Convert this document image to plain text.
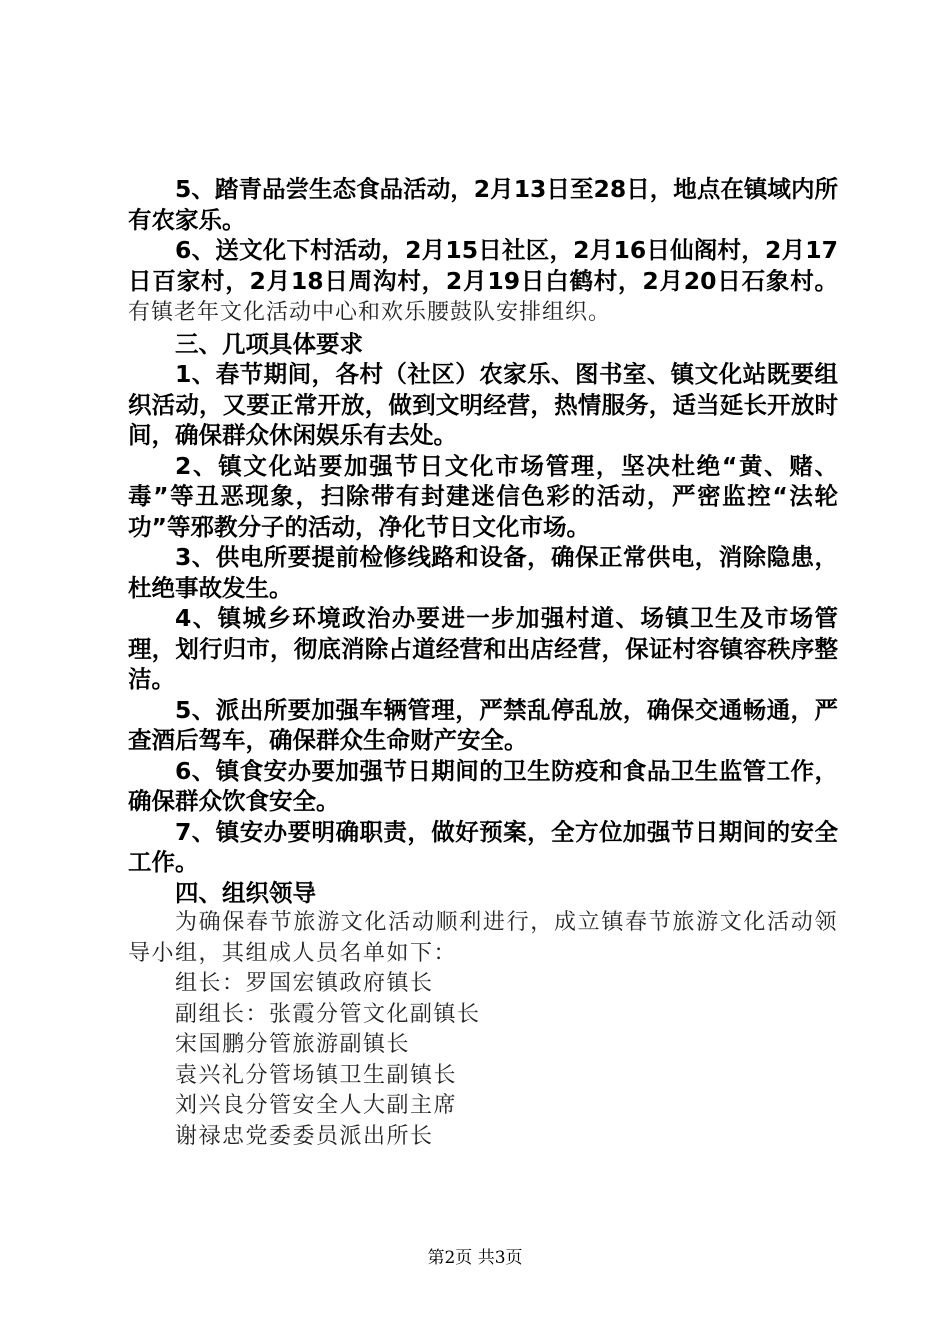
5、踏青品尝生态食品活动，2月13日至28日，地点在镇域内所有农家乐。

6、送文化下村活动，2月15日社区，2月16日仙阁村，2月17日百家村，2月18日周沟村，2月19日白鹤村，2月20日石象村。有镇老年文化活动中心和欢乐腰鼓队安排组织。

三、几项具体要求

1、春节期间，各村（社区）农家乐、图书室、镇文化站既要组织活动，又要正常开放，做到文明经营，热情服务，适当延长开放时间，确保群众休闲娱乐有去处。

2、镇文化站要加强节日文化市场管理，坚决杜绝“黄、赌、毒”等丑恶现象，扫除带有封建迷信色彩的活动，严密监控“法轮功”等邪教分子的活动，净化节日文化市场。

3、供电所要提前检修线路和设备，确保正常供电，消除隐患，杜绝事故发生。

4、镇城乡环境政治办要进一步加强村道、场镇卫生及市场管理，划行归市，彻底消除占道经营和出店经营，保证村容镇容秩序整洁。

5、派出所要加强车辆管理，严禁乱停乱放，确保交通畅通，严查酒后驾车，确保群众生命财产安全。

6、镇食安办要加强节日期间的卫生防疫和食品卫生监管工作，确保群众饮食安全。

7、镇安办要明确职责，做好预案，全方位加强节日期间的安全工作。

四、组织领导

为确保春节旅游文化活动顺利进行，成立镇春节旅游文化活动领导小组，其组成人员名单如下：

组长：罗国宏镇政府镇长

副组长：张霞分管文化副镇长

宋国鹏分管旅游副镇长

袁兴礼分管场镇卫生副镇长

刘兴良分管安全人大副主席

谢禄忠党委委员派出所长

第2页 共3页
